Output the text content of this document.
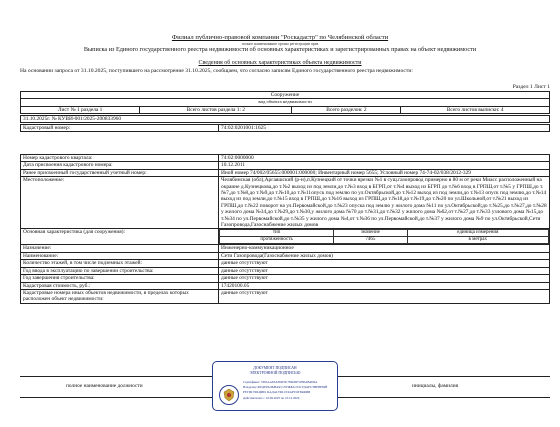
Филиал публично-правовой компании "Роскадастр" по Челябинской области
полное наименование органа регистрации прав
Выписка из Единого государственного реестра недвижимости об основных характеристиках и зарегистрированных правах на объект недвижимости
Сведения об основных характеристиках объекта недвижимости
На основании запроса от 31.10.2025, поступившего на рассмотрение 31.10.2025, сообщаем, что согласно записям Единого государственного реестра недвижимости:
Раздел 1 Лист 1
Сооружение
вид объекта недвижимости
Лист № 1 раздела 1	Всего листов раздела 1: 2	Всего разделов: 2	Всего листов выписки: 4
31.10.2025г. № КУВИ-001/2025-200833960
Кадастровый номер:	74:02:0201001:1625
Номер кадастрового квартала:	74:02:0000000
Дата присвоения кадастрового номера:	10.12.2011
Ранее присвоенный государственный учетный номер:	Иной номер 74/002/05655:000001:000000; Инвентарный номер 5655; Условный номер 74-74-02/038/2012-329
Местоположение:	Челябинская (обл),Аргаяшский (р-н),п.Кузнецкий от точки врезки №1 в сущ.газопровод примерно в 80 м от реки Миасс расположенный на окраине д.Кузнецкова,до т.№2 выход из под земли,до т.№3 вход в БГРП,от т.№4 выход из БГРП до т.№6 вход в ГРПШ,от т.№5 у ГРПШ,до т.№7,до т.№8,до т.№9,до т.№10,до т.№11опуск под землю по ул.Октябрьской,до т.№12 выход из под земли,до т.№13 опуск под землю,до т.№14 выход из под земли,до т.№15 вход в ГРПШ,до т.№16 выход из ГРПШ,до т.№18,до т.№19,до т.№20 по ул.Школьной,от т.№21 выход из ГРПШ,до т.№22 поворот на ул.Первомайской,до т.№23 опуска под землю у жилого дома №11 по ул.Октябрьской;до т.№25,до т.№27,до т.№28 у жилого дома №34,до т.№29,до т.№30,у жилого дома №70 до т.№31,до т.№32 у жилого дома №62,от т.№27,до т.№33 узлового дома №15,до т.№34 по ул.Первомайской,до т.№35 у жилого дома №4,от т.№36 по ул.Первомайской,до т.№37 у жилого дома №9 по ул.Октябрьской,Сети Газопровода,Газоснабжение жилых домов
Основная характеристика (для сооружения):		тип	значение	единица измерения
протяженность	7465	в метрах

Назначение:	Инженерно-коммуникационное
Наименование:	Сети Газопровода(Газоснабжение жилых домов)
Количество этажей, в том числе подземных этажей:	данные отсутствуют
Год ввода в эксплуатацию по завершении строительства:	данные отсутствуют
Год завершения строительства:	данные отсутствуют
Кадастровая стоимость, руб.:	17420100.05
Кадастровые номера иных объектов недвижимости, в пределах которых расположен объект недвижимости:	данные отсутствуют
полное наименование должности	инициалы, фамилия
ДОКУМЕНТ ПОДПИСАН
ЭЛЕКТРОННОЙ ПОДПИСЬЮ
Сертификат: 3381AAFA6394F0C78D20E51B0AB4D9A
Владелец: ФЕДЕРАЛЬНАЯ СЛУЖБА ГОСУДАРСТВЕННОЙ
РЕГИСТРАЦИИ, КАДАСТРА И КАРТОГРАФИИ
Действителен: с 16.09.2025 по 10.12.2026
